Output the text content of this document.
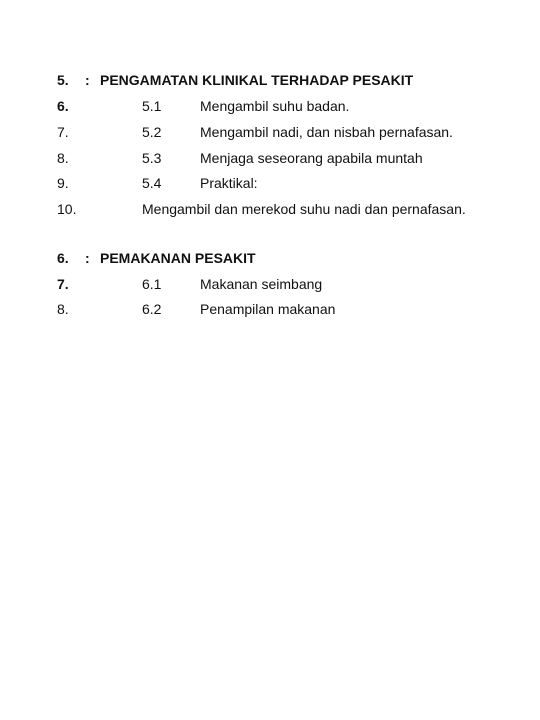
5. : PENGAMATAN KLINIKAL TERHADAP PESAKIT
6.	5.1	Mengambil suhu badan.
7.	5.2	Mengambil nadi, dan nisbah pernafasan.
8.	5.3	Menjaga seseorang apabila muntah
9.	5.4	Praktikal:
10.	Mengambil dan merekod suhu nadi dan pernafasan.
6. : PEMAKANAN PESAKIT
7.	6.1	Makanan seimbang
8.	6.2	Penampilan makanan
